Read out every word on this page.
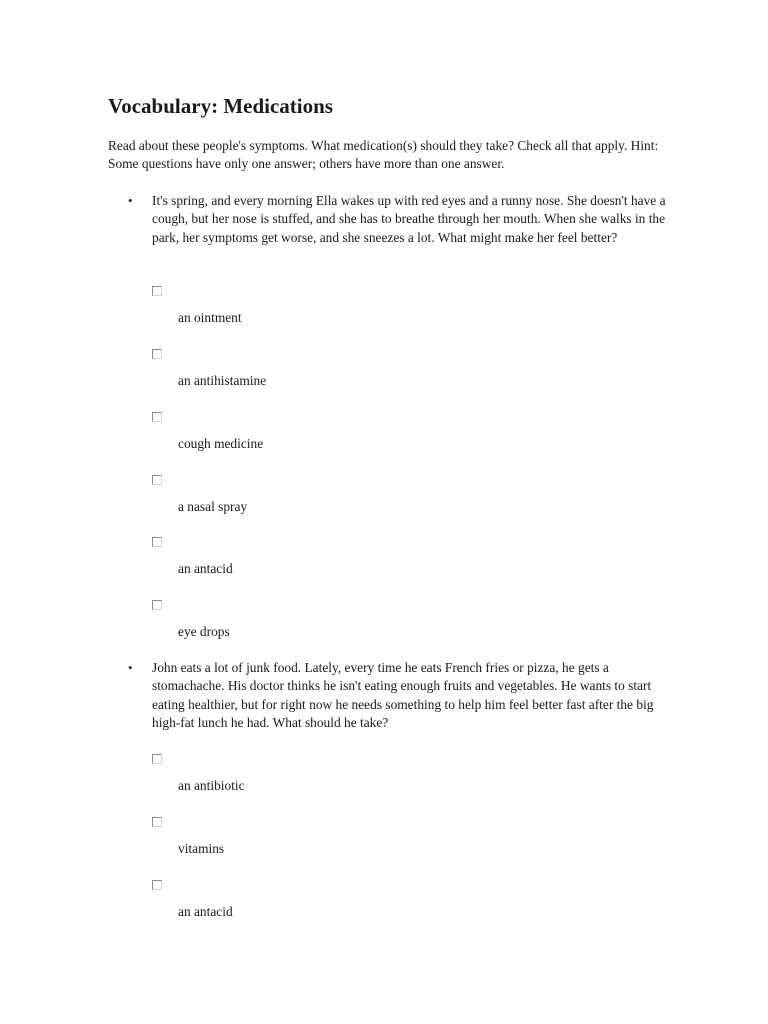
Vocabulary: Medications

Read about these people's symptoms. What medication(s) should they take? Check all that apply. Hint: Some questions have only one answer; others have more than one answer.

• It's spring, and every morning Ella wakes up with red eyes and a runny nose. She doesn't have a cough, but her nose is stuffed, and she has to breathe through her mouth. When she walks in the park, her symptoms get worse, and she sneezes a lot. What might make her feel better?

an ointment
an antihistamine
cough medicine
a nasal spray
an antacid
eye drops
• John eats a lot of junk food. Lately, every time he eats French fries or pizza, he gets a stomachache. His doctor thinks he isn't eating enough fruits and vegetables. He wants to start eating healthier, but for right now he needs something to help him feel better fast after the big high-fat lunch he had. What should he take?

an antibiotic
vitamins
an antacid
